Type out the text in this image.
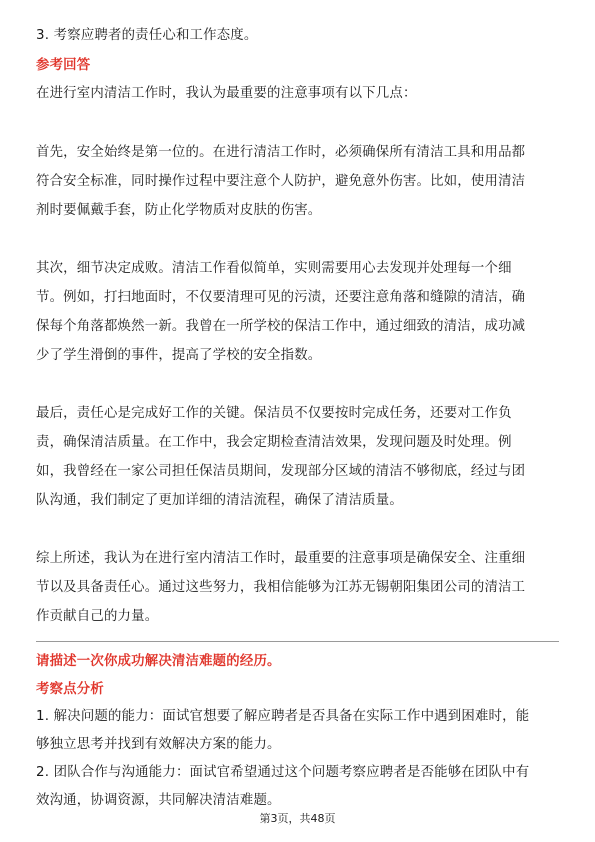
3. 考察应聘者的责任心和工作态度。
参考回答
在进行室内清洁工作时，我认为最重要的注意事项有以下几点：
首先，安全始终是第一位的。在进行清洁工作时，必须确保所有清洁工具和用品都
符合安全标准，同时操作过程中要注意个人防护，避免意外伤害。比如，使用清洁
剂时要佩戴手套，防止化学物质对皮肤的伤害。
其次，细节决定成败。清洁工作看似简单，实则需要用心去发现并处理每一个细
节。例如，打扫地面时，不仅要清理可见的污渍，还要注意角落和缝隙的清洁，确
保每个角落都焕然一新。我曾在一所学校的保洁工作中，通过细致的清洁，成功减
少了学生滑倒的事件，提高了学校的安全指数。
最后，责任心是完成好工作的关键。保洁员不仅要按时完成任务，还要对工作负
责，确保清洁质量。在工作中，我会定期检查清洁效果，发现问题及时处理。例
如，我曾经在一家公司担任保洁员期间，发现部分区域的清洁不够彻底，经过与团
队沟通，我们制定了更加详细的清洁流程，确保了清洁质量。
综上所述，我认为在进行室内清洁工作时，最重要的注意事项是确保安全、注重细
节以及具备责任心。通过这些努力，我相信能够为江苏无锡朝阳集团公司的清洁工
作贡献自己的力量。
请描述一次你成功解决清洁难题的经历。
考察点分析
1. 解决问题的能力：面试官想要了解应聘者是否具备在实际工作中遇到困难时，能
够独立思考并找到有效解决方案的能力。
2. 团队合作与沟通能力：面试官希望通过这个问题考察应聘者是否能够在团队中有
效沟通，协调资源，共同解决清洁难题。
第3页，共48页
